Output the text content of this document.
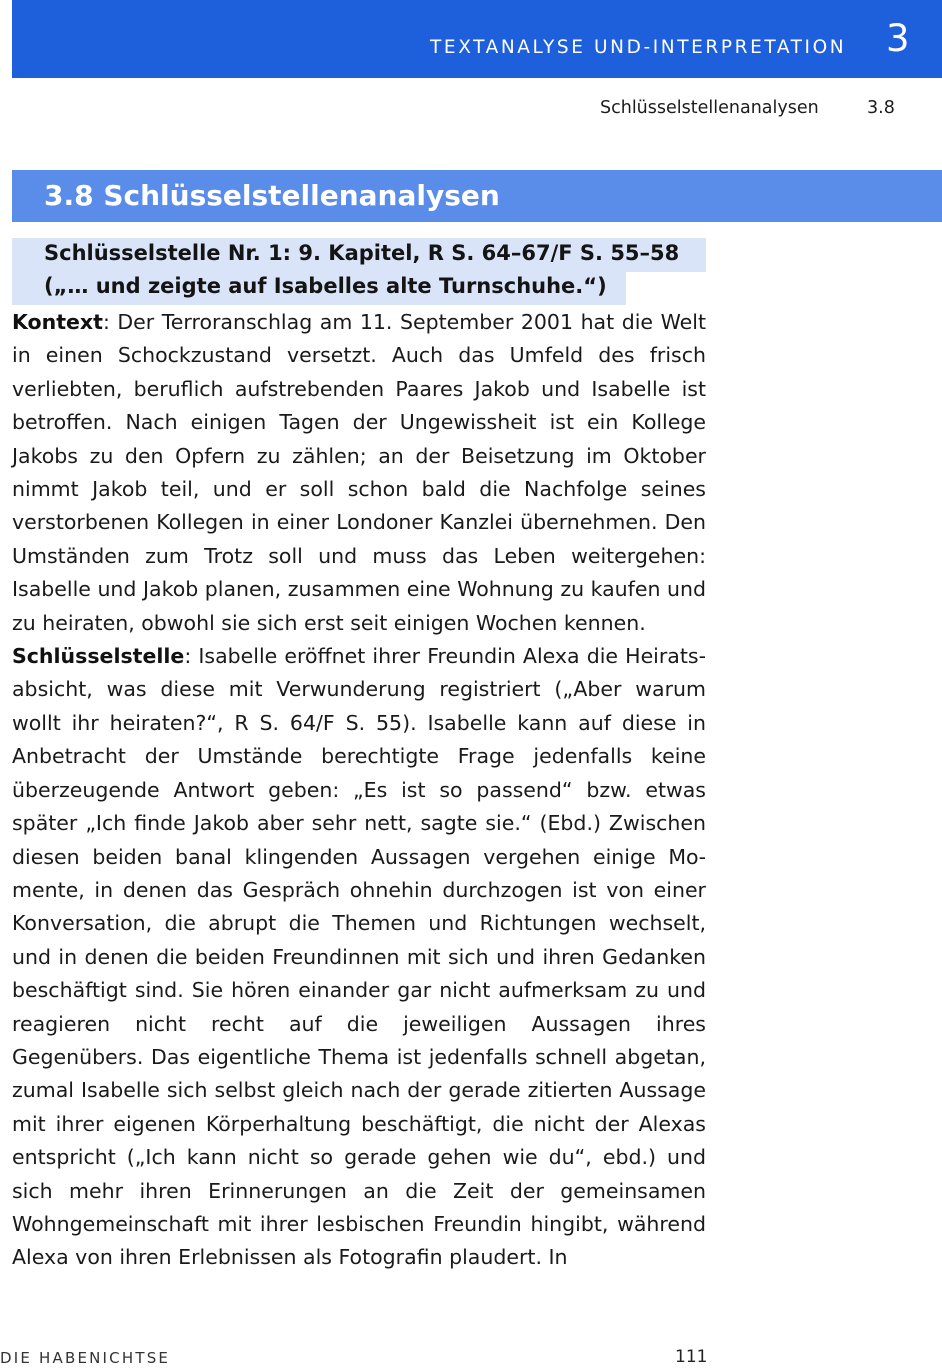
TEXTANALYSE UND-INTERPRETATION 3
Schlüsselstellenanalysen	3.8
3.8 Schlüsselstellenanalysen
Schlüsselstelle Nr. 1: 9. Kapitel, R S. 64–67/F S. 55–58
(„… und zeigte auf Isabelles alte Turnschuhe.“)

Kontext: Der Terroranschlag am 11. September 2001 hat die Welt in einen Schockzustand versetzt. Auch das Umfeld des frisch verliebten, beruflich aufstrebenden Paares Jakob und Isabelle ist betroffen. Nach einigen Tagen der Ungewissheit ist ein Kollege Jakobs zu den Opfern zu zählen; an der Beisetzung im Oktober nimmt Jakob teil, und er soll schon bald die Nachfolge seines verstorbenen Kollegen in einer Londoner Kanzlei übernehmen. Den Umständen zum Trotz soll und muss das Leben weitergehen: Isabelle und Jakob planen, zusammen eine Wohnung zu kaufen und zu heiraten, obwohl sie sich erst seit einigen Wochen kennen.

Schlüsselstelle: Isabelle eröffnet ihrer Freundin Alexa die Heiratsabsicht, was diese mit Verwunderung registriert („Aber warum wollt ihr heiraten?“, R S. 64/F S. 55). Isabelle kann auf diese in Anbetracht der Umstände berechtigte Frage jedenfalls keine überzeugende Antwort geben: „Es ist so passend“ bzw. etwas später „Ich finde Jakob aber sehr nett, sagte sie.“ (Ebd.) Zwischen diesen beiden banal klingenden Aussagen vergehen einige Momente, in denen das Gespräch ohnehin durchzogen ist von einer Konversation, die abrupt die Themen und Richtungen wechselt, und in denen die beiden Freundinnen mit sich und ihren Gedanken beschäftigt sind. Sie hören einander gar nicht aufmerksam zu und reagieren nicht recht auf die jeweiligen Aussagen ihres Gegenübers. Das eigentliche Thema ist jedenfalls schnell abgetan, zumal Isabelle sich selbst gleich nach der gerade zitierten Aussage mit ihrer eigenen Körperhaltung beschäftigt, die nicht der Alexas entspricht („Ich kann nicht so gerade gehen wie du“, ebd.) und sich mehr ihren Erinnerungen an die Zeit der gemeinsamen Wohngemeinschaft mit ihrer lesbischen Freundin hingibt, während Alexa von ihren Erlebnissen als Fotografin plaudert. In

DIE HABENICHTSE	111
